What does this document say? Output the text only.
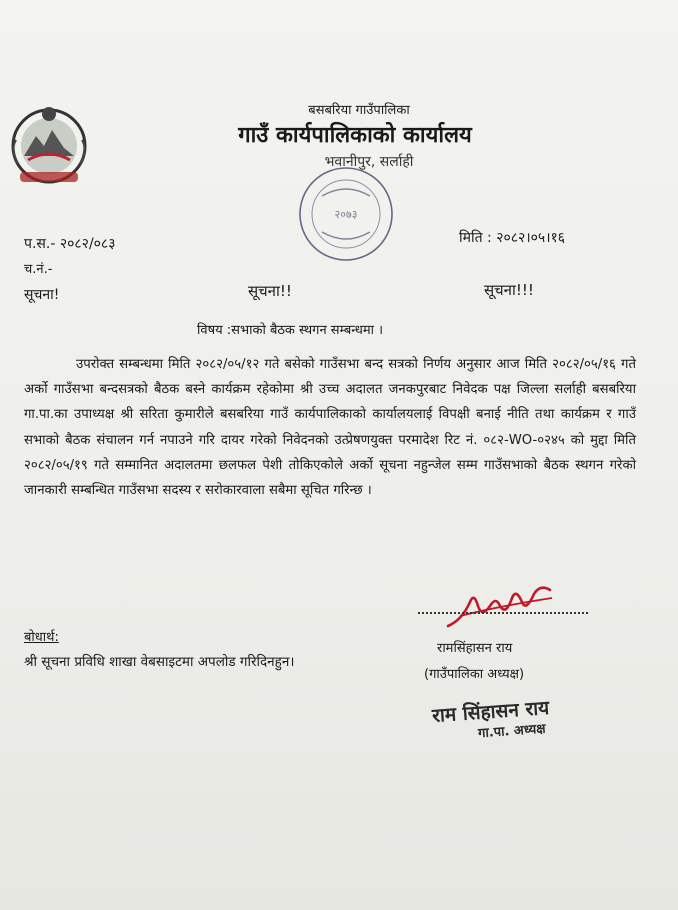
बसबरिया गाउँपालिका
गाउँ कार्यपालिकाको कार्यालय
भवानीपुर, सर्लाही
२०७३
प.स.- २०८२/०८३	मिति : २०८२।०५।१६
च.नं.-
सूचना!	सूचना!!	सूचना!!!
विषय :सभाको बैठक स्थगन सम्बन्धमा ।
उपरोक्त सम्बन्धमा मिति २०८२/०५/१२ गते बसेको गाउँसभा बन्द सत्रको निर्णय अनुसार आज मिति २०८२/०५/१६ गते अर्को गाउँसभा बन्दसत्रको बैठक बस्ने कार्यक्रम रहेकोमा श्री उच्च अदालत जनकपुरबाट निवेदक पक्ष जिल्ला सर्लाही बसबरिया गा.पा.का उपाध्यक्ष श्री सरिता कुमारीले बसबरिया गाउँ कार्यपालिकाको कार्यालयलाई विपक्षी बनाई नीति तथा कार्यक्रम र गाउँ सभाको बैठक संचालन गर्न नपाउने गरि दायर गरेको निवेदनको उत्प्रेषणयुक्त परमादेश रिट नं. ०८२-WO-०२४५ को मुद्दा मिति २०८२/०५/१९ गते सम्मानित अदालतमा छलफल पेशी तोकिएकोले अर्को सूचना नहुन्जेल सम्म गाउँसभाको बैठक स्थगन गरेको जानकारी सम्बन्धित गाउँसभा सदस्य र सरोकारवाला सबैमा सूचित गरिन्छ ।
बोधार्थ:
श्री सूचना प्रविधि शाखा वेबसाइटमा अपलोड गरिदिनहुन।
रामसिंहासन राय
(गाउँपालिका अध्यक्ष)
राम सिंहासन राय
गा.पा. अध्यक्ष
